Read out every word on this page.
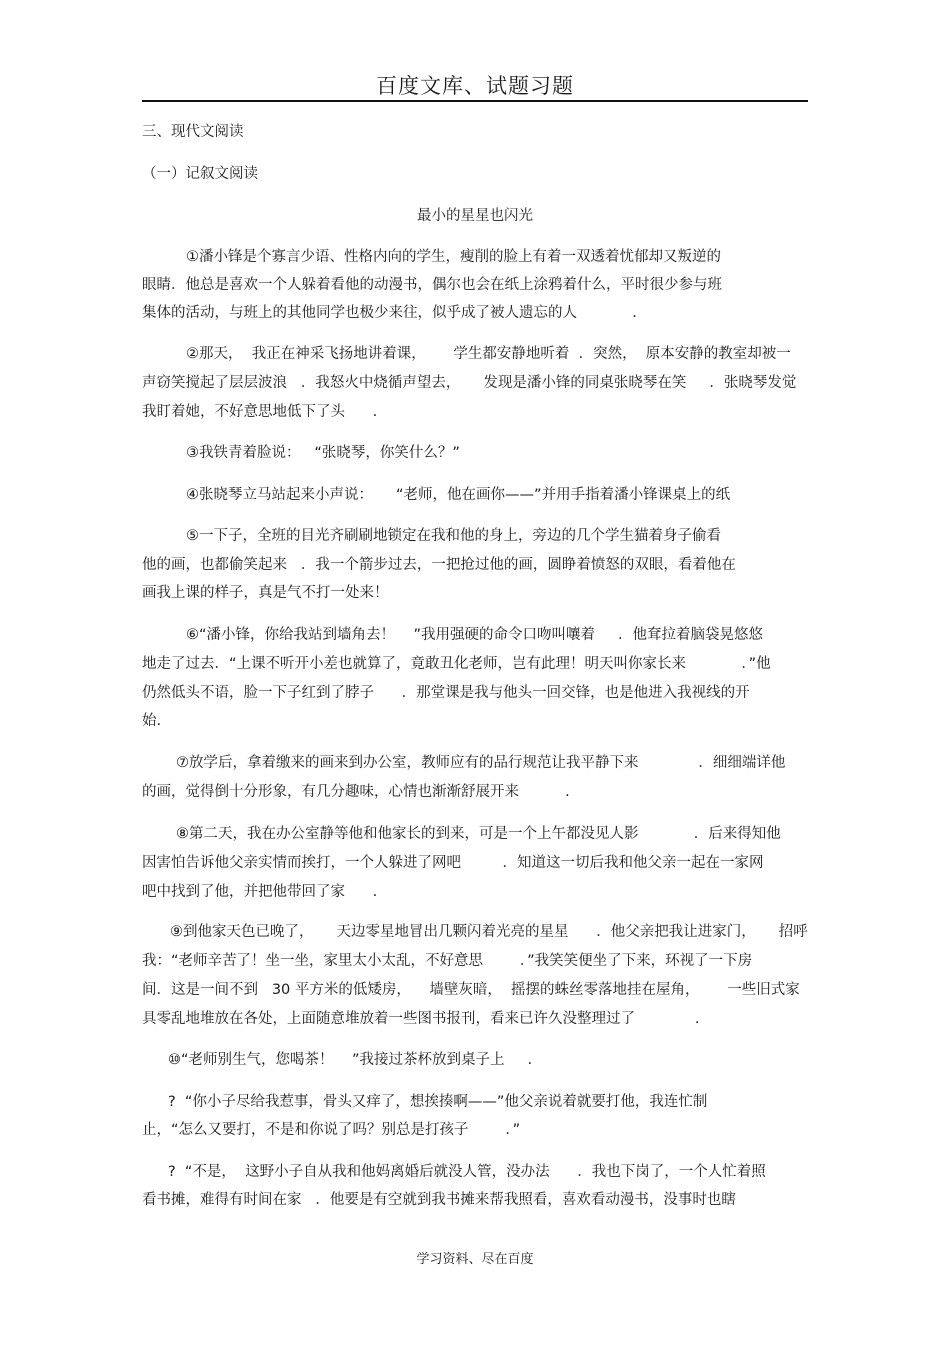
百度文库、试题习题
三、现代文阅读
（一）记叙文阅读
最小的星星也闪光
①潘小锋是个寡言少语、性格内向的学生，瘦削的脸上有着一双透着忧郁却又叛逆的
眼睛．他总是喜欢一个人躲着看他的动漫书，偶尔也会在纸上涂鸦着什么，平时很少参与班
集体的活动，与班上的其他同学也极少来往，似乎成了被人遗忘的人            .
②那天，  我正在神采飞扬地讲着课，      学生都安静地听着  ．突然，  原本安静的教室却被一
声窃笑搅起了层层波浪   ．我怒火中烧循声望去，     发现是潘小锋的同桌张晓琴在笑     ．张晓琴发觉
我盯着她，不好意思地低下了头      .
③我铁青着脸说：   “张晓琴，你笑什么？”
④张晓琴立马站起来小声说：     “老师，他在画你——”并用手指着潘小锋课桌上的纸
⑤一下子，全班的目光齐刷刷地锁定在我和他的身上，旁边的几个学生猫着身子偷看
他的画，也都偷笑起来   ．我一个箭步过去，一把抢过他的画，圆睁着愤怒的双眼，看着他在
画我上课的样子，真是气不打一处来！
⑥“潘小锋，你给我站到墙角去！    ”我用强硬的命令口吻叫嚷着     ．他耷拉着脑袋晃悠悠
地走了过去．“上课不听开小差也就算了，竟敢丑化老师，岂有此理！明天叫你家长来            ．”他
仍然低头不语，脸一下子红到了脖子      ．那堂课是我与他头一回交锋，也是他进入我视线的开
始.
⑦放学后，拿着缴来的画来到办公室，教师应有的品行规范让我平静下来             ．细细端详他
的画，觉得倒十分形象，有几分趣味，心情也渐渐舒展开来          .
⑧第二天，我在办公室静等他和他家长的到来，可是一个上午都没见人影            ．后来得知他
因害怕告诉他父亲实情而挨打，一个人躲进了网吧         ．知道这一切后我和他父亲一起在一家网
吧中找到了他，并把他带回了家      .
⑨到他家天色已晚了，     天边零星地冒出几颗闪着光亮的星星      ．他父亲把我让进家门，     招呼
我：“老师辛苦了！坐一坐，家里太小太乱，不好意思        ．”我笑笑便坐了下来，环视了一下房
间．这是一间不到   30 平方米的低矮房，    墙壁灰暗，  摇摆的蛛丝零落地挂在屋角，      一些旧式家
具零乱地堆放在各处，上面随意堆放着一些图书报刊，看来已许久没整理过了             .
⑩“老师别生气，您喝茶！    ”我接过茶杯放到桌子上     .
?  “你小子尽给我惹事，骨头又痒了，想挨揍啊——”他父亲说着就要打他，我连忙制
止，“怎么又要打，不是和你说了吗？别总是打孩子        ．”
?  “不是，  这野小子自从我和他妈离婚后就没人管，没办法      ．我也下岗了，一个人忙着照
看书摊，难得有时间在家   ．他要是有空就到我书摊来帮我照看，喜欢看动漫书，没事时也瞎
学习资料、尽在百度
